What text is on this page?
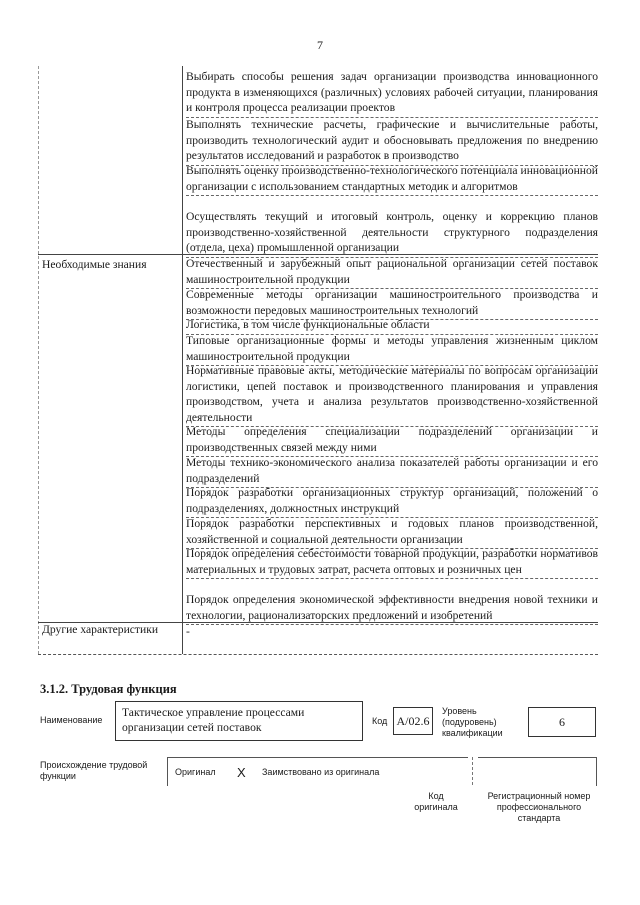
7
Выбирать способы решения задач организации производства инновационного продукта в изменяющихся (различных) условиях рабочей ситуации, планирования и контроля процесса реализации проектов
Выполнять технические расчеты, графические и вычислительные работы, производить технологический аудит и обосновывать предложения по внедрению результатов исследований и разработок в производство
Выполнять оценку производственно-технологического потенциала инновационной организации с использованием стандартных методик и алгоритмов
Осуществлять текущий и итоговый контроль, оценку и коррекцию планов производственно-хозяйственной деятельности структурного подразделения (отдела, цеха) промышленной организации
Необходимые знания	Отечественный и зарубежный опыт рациональной организации сетей поставок машиностроительной продукции
Современные методы организации машиностроительного производства и возможности передовых машиностроительных технологий
Логистика, в том числе функциональные области
Типовые организационные формы и методы управления жизненным циклом машиностроительной продукции
Нормативные правовые акты, методические материалы по вопросам организации логистики, цепей поставок и производственного планирования и управления производством, учета и анализа результатов производственно-хозяйственной деятельности
Методы определения специализации подразделений организации и производственных связей между ними
Методы технико-экономического анализа показателей работы организации и его подразделений
Порядок разработки организационных структур организаций, положений о подразделениях, должностных инструкций
Порядок разработки перспективных и годовых планов производственной, хозяйственной и социальной деятельности организации
Порядок определения себестоимости товарной продукции, разработки нормативов материальных и трудовых затрат, расчета оптовых и розничных цен
Порядок определения экономической эффективности внедрения новой техники и технологии, рационализаторских предложений и изобретений
Другие характеристики	-
3.1.2. Трудовая функция
Наименование
Тактическое управление процессами организации сетей поставок	Код А/02.6
Уровень (подуровень) квалификации
6
Происхождение трудовой функции	Оригинал X Заимствовано из оригинала
Код оригинала
Регистрационный номер профессионального стандарта
